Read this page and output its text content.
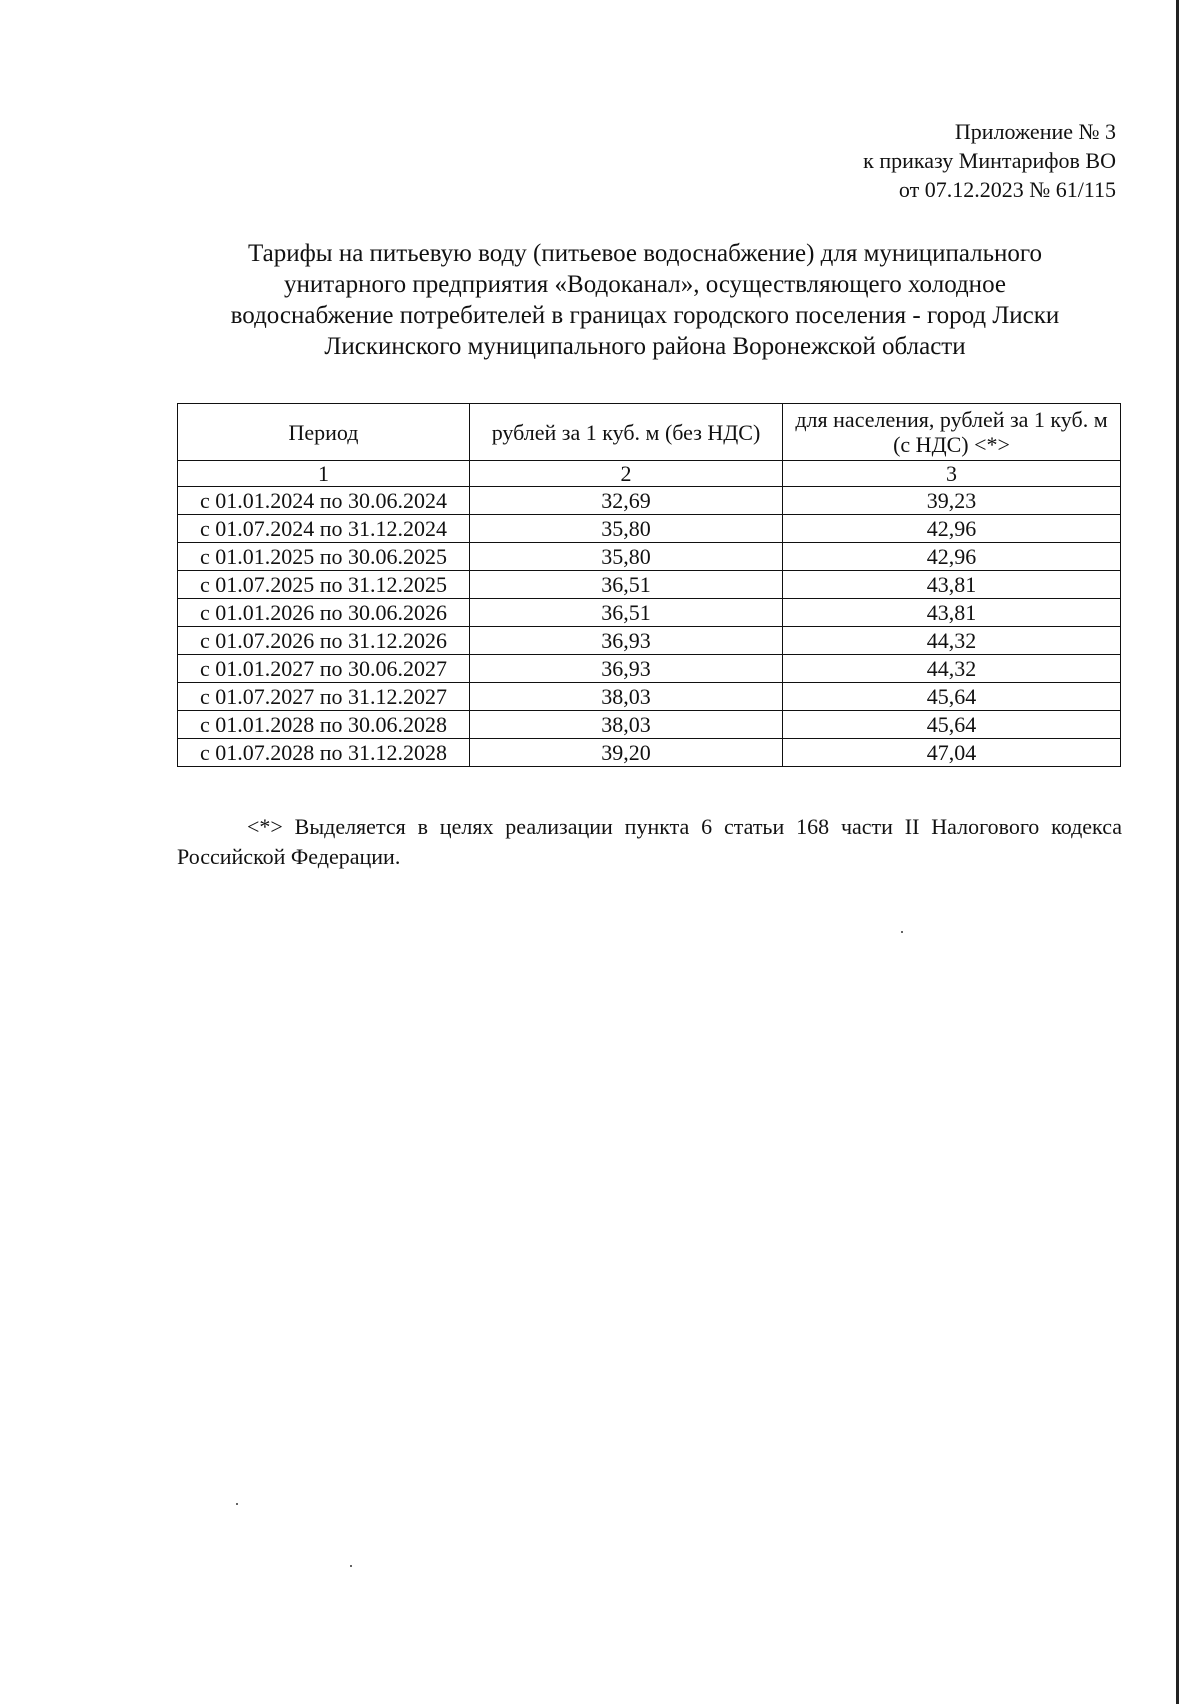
Приложение № 3
к приказу Минтарифов ВО
от 07.12.2023 № 61/115
Тарифы на питьевую воду (питьевое водоснабжение) для муниципального
унитарного предприятия «Водоканал», осуществляющего холодное
водоснабжение потребителей в границах городского поселения - город Лиски
Лискинского муниципального района Воронежской области
Период	рублей за 1 куб. м (без НДС)	для населения, рублей за 1 куб. м (с НДС) <*>
1	2	3
с 01.01.2024 по 30.06.2024	32,69	39,23
с 01.07.2024 по 31.12.2024	35,80	42,96
с 01.01.2025 по 30.06.2025	35,80	42,96
с 01.07.2025 по 31.12.2025	36,51	43,81
с 01.01.2026 по 30.06.2026	36,51	43,81
с 01.07.2026 по 31.12.2026	36,93	44,32
с 01.01.2027 по 30.06.2027	36,93	44,32
с 01.07.2027 по 31.12.2027	38,03	45,64
с 01.01.2028 по 30.06.2028	38,03	45,64
с 01.07.2028 по 31.12.2028	39,20	47,04
<*> Выделяется в целях реализации пункта 6 статьи 168 части II Налогового кодекса Российской Федерации.
